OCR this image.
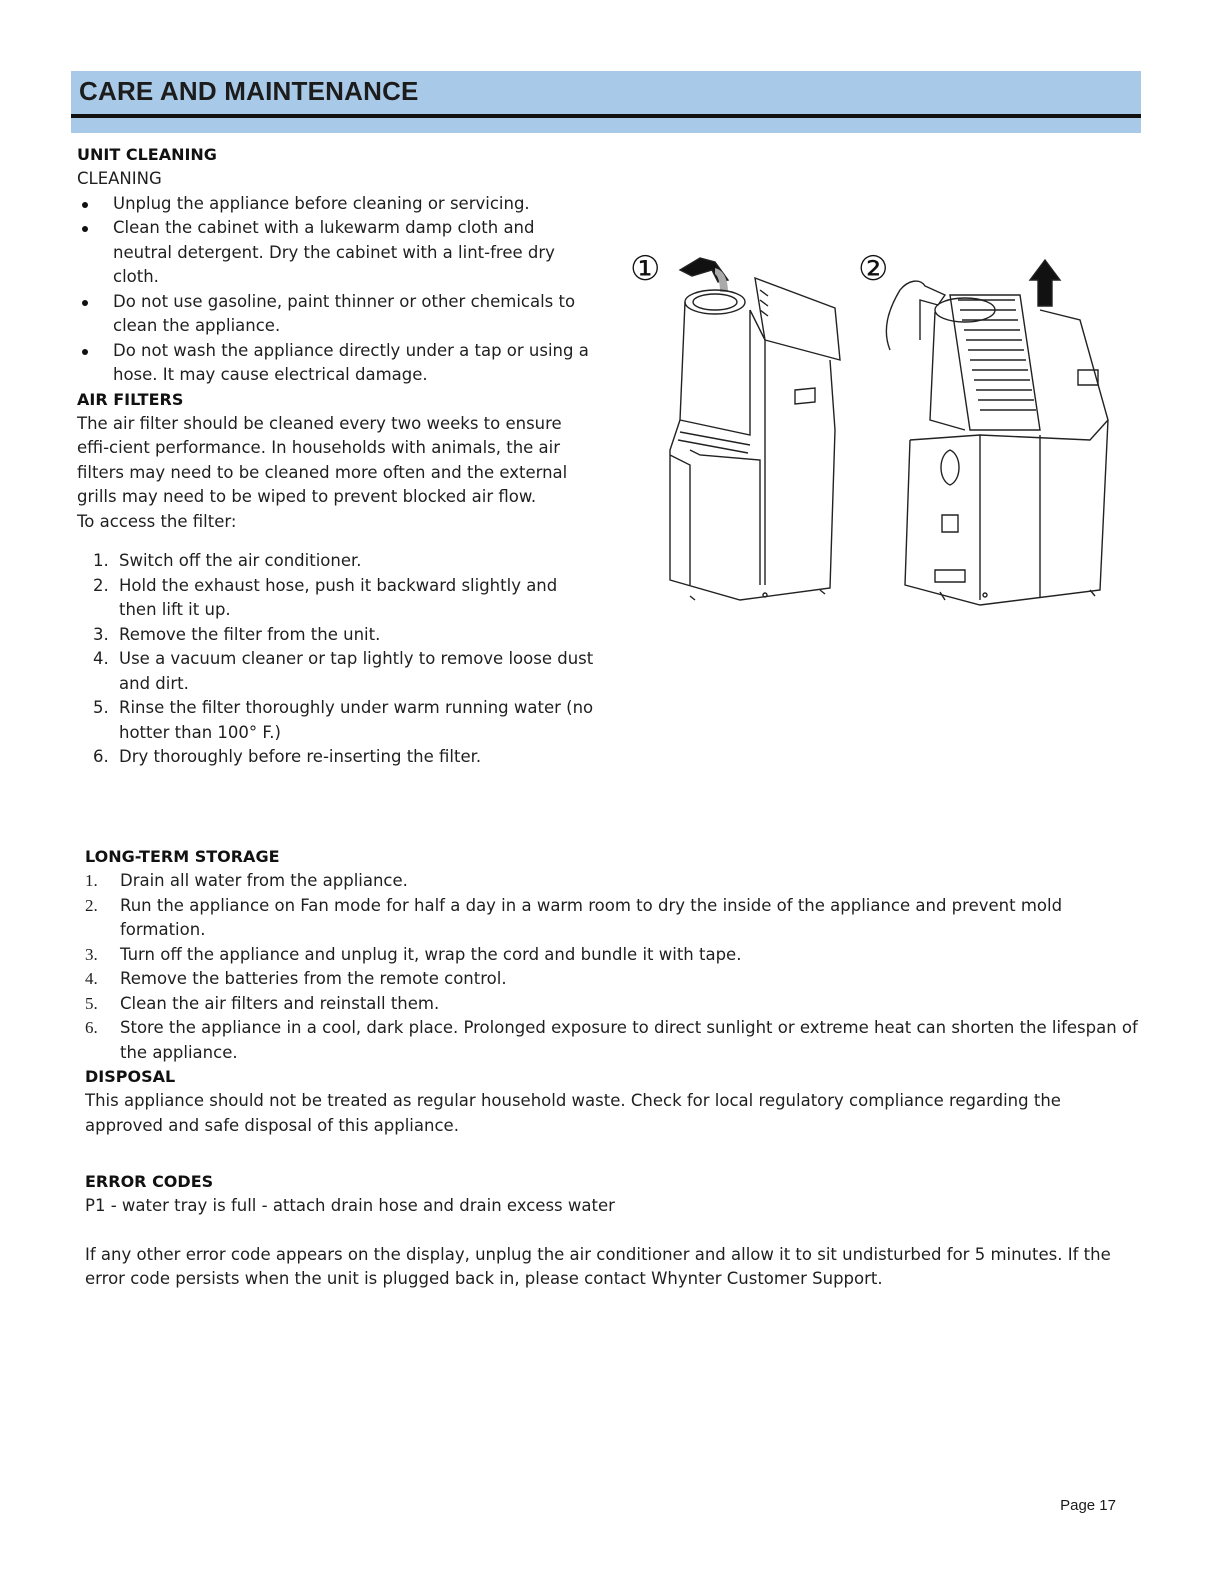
CARE AND MAINTENANCE

UNIT CLEANING

CLEANING

Unplug the appliance before cleaning or servicing.
Clean the cabinet with a lukewarm damp cloth and neutral detergent. Dry the cabinet with a lint-free dry cloth.
Do not use gasoline, paint thinner or other chemicals to clean the appliance.
Do not wash the appliance directly under a tap or using a hose. It may cause electrical damage.

AIR FILTERS

The air filter should be cleaned every two weeks to ensure effi-cient performance. In households with animals, the air filters may need to be cleaned more often and the external grills may need to be wiped to prevent blocked air flow.

To access the filter:

1. Switch off the air conditioner.
2. Hold the exhaust hose, push it backward slightly and then lift it up.
3. Remove the filter from the unit.
4. Use a vacuum cleaner or tap lightly to remove loose dust and dirt.
5. Rinse the filter thoroughly under warm running water (no hotter than 100° F.)
6. Dry thoroughly before re-inserting the filter.
①	②

LONG-TERM STORAGE

1. Drain all water from the appliance.
2. Run the appliance on Fan mode for half a day in a warm room to dry the inside of the appliance and prevent mold formation.
3. Turn off the appliance and unplug it, wrap the cord and bundle it with tape.
4. Remove the batteries from the remote control.
5. Clean the air filters and reinstall them.
6. Store the appliance in a cool, dark place. Prolonged exposure to direct sunlight or extreme heat can shorten the lifespan of the appliance.

DISPOSAL

This appliance should not be treated as regular household waste. Check for local regulatory compliance regarding the approved and safe disposal of this appliance.

ERROR CODES

P1 - water tray is full - attach drain hose and drain excess water

If any other error code appears on the display, unplug the air conditioner and allow it to sit undisturbed for 5 minutes. If the error code persists when the unit is plugged back in, please contact Whynter Customer Support.

Page 17
